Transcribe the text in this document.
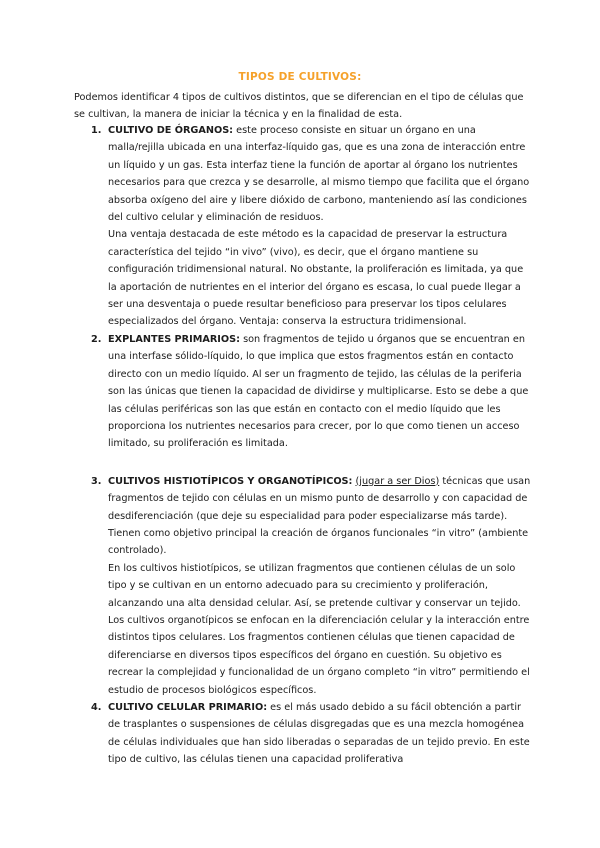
TIPOS DE CULTIVOS:

Podemos identificar 4 tipos de cultivos distintos, que se diferencian en el tipo de células que se cultivan, la manera de iniciar la técnica y en la finalidad de esta.

1. CULTIVO DE ÓRGANOS: este proceso consiste en situar un órgano en una malla/rejilla ubicada en una interfaz-líquido gas, que es una zona de interacción entre un líquido y un gas. Esta interfaz tiene la función de aportar al órgano los nutrientes necesarios para que crezca y se desarrolle, al mismo tiempo que facilita que el órgano absorba oxígeno del aire y libere dióxido de carbono, manteniendo así las condiciones del cultivo celular y eliminación de residuos.

Una ventaja destacada de este método es la capacidad de preservar la estructura característica del tejido “in vivo” (vivo), es decir, que el órgano mantiene su configuración tridimensional natural. No obstante, la proliferación es limitada, ya que la aportación de nutrientes en el interior del órgano es escasa, lo cual puede llegar a ser una desventaja o puede resultar beneficioso para preservar los tipos celulares especializados del órgano. Ventaja: conserva la estructura tridimensional.

2. EXPLANTES PRIMARIOS: son fragmentos de tejido u órganos que se encuentran en una interfase sólido-líquido, lo que implica que estos fragmentos están en contacto directo con un medio líquido. Al ser un fragmento de tejido, las células de la periferia son las únicas que tienen la capacidad de dividirse y multiplicarse. Esto se debe a que las células periféricas son las que están en contacto con el medio líquido que les proporciona los nutrientes necesarios para crecer, por lo que como tienen un acceso limitado, su proliferación es limitada.

3. CULTIVOS HISTIOTÍPICOS Y ORGANOTÍPICOS: (jugar a ser Dios) técnicas que usan fragmentos de tejido con células en un mismo punto de desarrollo y con capacidad de desdiferenciación (que deje su especialidad para poder especializarse más tarde). Tienen como objetivo principal la creación de órganos funcionales “in vitro” (ambiente controlado).

En los cultivos histiotípicos, se utilizan fragmentos que contienen células de un solo tipo y se cultivan en un entorno adecuado para su crecimiento y proliferación, alcanzando una alta densidad celular. Así, se pretende cultivar y conservar un tejido. Los cultivos organotípicos se enfocan en la diferenciación celular y la interacción entre distintos tipos celulares. Los fragmentos contienen células que tienen capacidad de diferenciarse en diversos tipos específicos del órgano en cuestión. Su objetivo es recrear la complejidad y funcionalidad de un órgano completo “in vitro” permitiendo el estudio de procesos biológicos específicos.

4. CULTIVO CELULAR PRIMARIO: es el más usado debido a su fácil obtención a partir de trasplantes o suspensiones de células disgregadas que es una mezcla homogénea de células individuales que han sido liberadas o separadas de un tejido previo. En este tipo de cultivo, las células tienen una capacidad proliferativa
